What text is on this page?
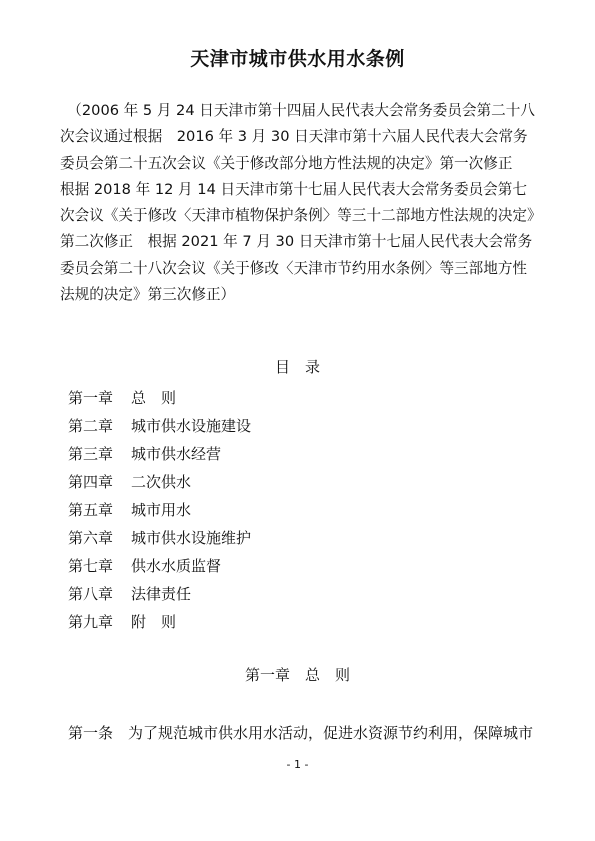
天津市城市供水用水条例

　（2006 年 5 月 24 日天津市第十四届人民代表大会常务委员会第二十八次会议通过根据　2016 年 3 月 30 日天津市第十六届人民代表大会常务委员会第二十五次会议《关于修改部分地方性法规的决定》第一次修正　根据 2018 年 12 月 14 日天津市第十七届人民代表大会常务委员会第七次会议《关于修改〈天津市植物保护条例〉等三十二部地方性法规的决定》第二次修正　根据 2021 年 7 月 30 日天津市第十七届人民代表大会常务委员会第二十八次会议《关于修改〈天津市节约用水条例〉等三部地方性法规的决定》第三次修正）

目　录

第一章 总　则
第二章 城市供水设施建设
第三章 城市供水经营
第四章 二次供水
第五章 城市用水
第六章 城市供水设施维护
第七章 供水水质监督
第八章 法律责任
第九章 附　则

第一章　总　则

第一条　 为了规范城市供水用水活动，促进水资源节约利用，保障城市

- 1 -
